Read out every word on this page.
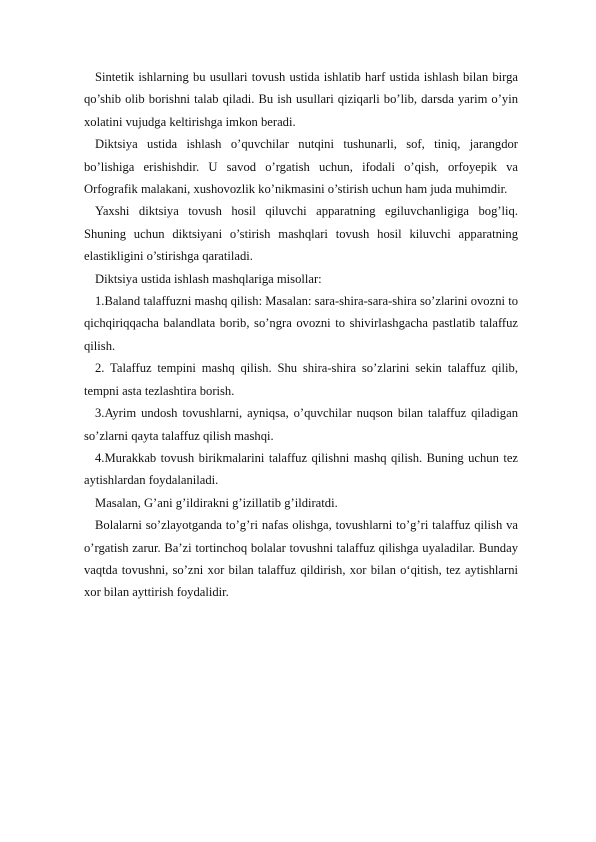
Sintetik ishlarning bu usullari tovush ustida ishlatib harf ustida ishlash bilan birga qo’shib olib borishni talab qiladi. Bu ish usullari qiziqarli bo’lib, darsda yarim o’yin xolatini vujudga keltirishga imkon beradi.

Diktsiya ustida ishlash o’quvchilar nutqini tushunarli, sof, tiniq, jarangdor bo’lishiga erishishdir. U savod o’rgatish uchun, ifodali o’qish, orfoyepik va Orfografik malakani, xushovozlik ko’nikmasini o’stirish uchun ham juda muhimdir.

Yaxshi diktsiya tovush hosil qiluvchi apparatning egiluvchanligiga bog’liq. Shuning uchun diktsiyani o’stirish mashqlari tovush hosil kiluvchi apparatning elastikligini o’stirishga qaratiladi.

Diktsiya ustida ishlash mashqlariga misollar:

1.Baland talaffuzni mashq qilish: Masalan: sara-shira-sara-shira so’zlarini ovozni to qichqiriqqacha balandlata borib, so’ngra ovozni to shivirlashgacha pastlatib talaffuz qilish.

2. Talaffuz tempini mashq qilish. Shu shira-shira so’zlarini sekin talaffuz qilib, tempni asta tezlashtira borish.

3.Ayrim undosh tovushlarni, ayniqsa, o’quvchilar nuqson bilan talaffuz qiladigan so’zlarni qayta talaffuz qilish mashqi.

4.Murakkab tovush birikmalarini talaffuz qilishni mashq qilish. Buning uchun tez aytishlardan foydalaniladi.

Masalan, G’ani g’ildirakni g’izillatib g’ildiratdi.

Bolalarni so’zlayotganda to’g’ri nafas olishga, tovushlarni to’g’ri talaffuz qilish va o’rgatish zarur. Ba’zi tortinchoq bolalar tovushni talaffuz qilishga uyaladilar. Bunday vaqtda tovushni, so’zni xor bilan talaffuz qildirish, xor bilan o‘qitish, tez aytishlarni xor bilan ayttirish foydalidir.
